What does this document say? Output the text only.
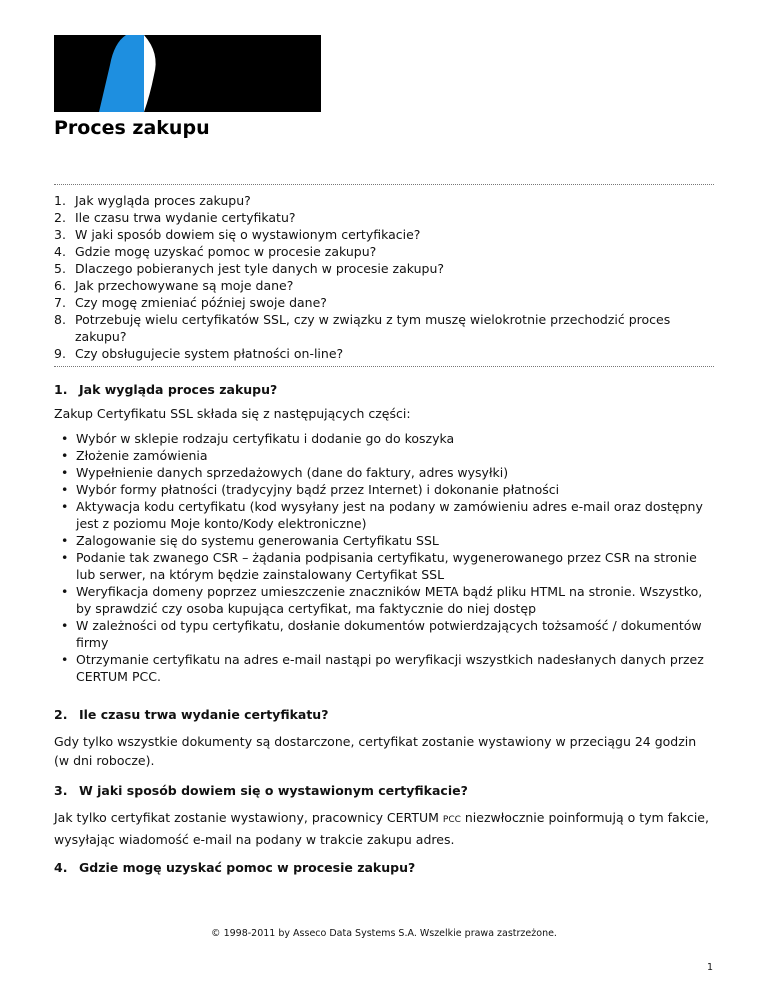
Proces zakupu
1. Jak wygląda proces zakupu?
2. Ile czasu trwa wydanie certyfikatu?
3. W jaki sposób dowiem się o wystawionym certyfikacie?
4. Gdzie mogę uzyskać pomoc w procesie zakupu?
5. Dlaczego pobieranych jest tyle danych w procesie zakupu?
6. Jak przechowywane są moje dane?
7. Czy mogę zmieniać później swoje dane?
8. Potrzebuję wielu certyfikatów SSL, czy w związku z tym muszę wielokrotnie przechodzić proces zakupu?
9. Czy obsługujecie system płatności on-line?
1. Jak wygląda proces zakupu?

Zakup Certyfikatu SSL składa się z następujących części:

• Wybór w sklepie rodzaju certyfikatu i dodanie go do koszyka
• Złożenie zamówienia
• Wypełnienie danych sprzedażowych (dane do faktury, adres wysyłki)
• Wybór formy płatności (tradycyjny bądź przez Internet) i dokonanie płatności
• Aktywacja kodu certyfikatu (kod wysyłany jest na podany w zamówieniu adres e-mail oraz dostępny jest z poziomu Moje konto/Kody elektroniczne)
• Zalogowanie się do systemu generowania Certyfikatu SSL
• Podanie tak zwanego CSR – żądania podpisania certyfikatu, wygenerowanego przez CSR na stronie lub serwer, na którym będzie zainstalowany Certyfikat SSL
• Weryfikacja domeny poprzez umieszczenie znaczników META bądź pliku HTML na stronie. Wszystko, by sprawdzić czy osoba kupująca certyfikat, ma faktycznie do niej dostęp
• W zależności od typu certyfikatu, dosłanie dokumentów potwierdzających tożsamość / dokumentów firmy
• Otrzymanie certyfikatu na adres e-mail nastąpi po weryfikacji wszystkich nadesłanych danych przez CERTUM PCC.
2. Ile czasu trwa wydanie certyfikatu?

Gdy tylko wszystkie dokumenty są dostarczone, certyfikat zostanie wystawiony w przeciągu 24 godzin (w dni robocze).

3. W jaki sposób dowiem się o wystawionym certyfikacie?

Jak tylko certyfikat zostanie wystawiony, pracownicy CERTUM PCC niezwłocznie poinformują o tym fakcie, wysyłając wiadomość e-mail na podany w trakcie zakupu adres.

4. Gdzie mogę uzyskać pomoc w procesie zakupu?
© 1998-2011 by Asseco Data Systems S.A. Wszelkie prawa zastrzeżone.
1
